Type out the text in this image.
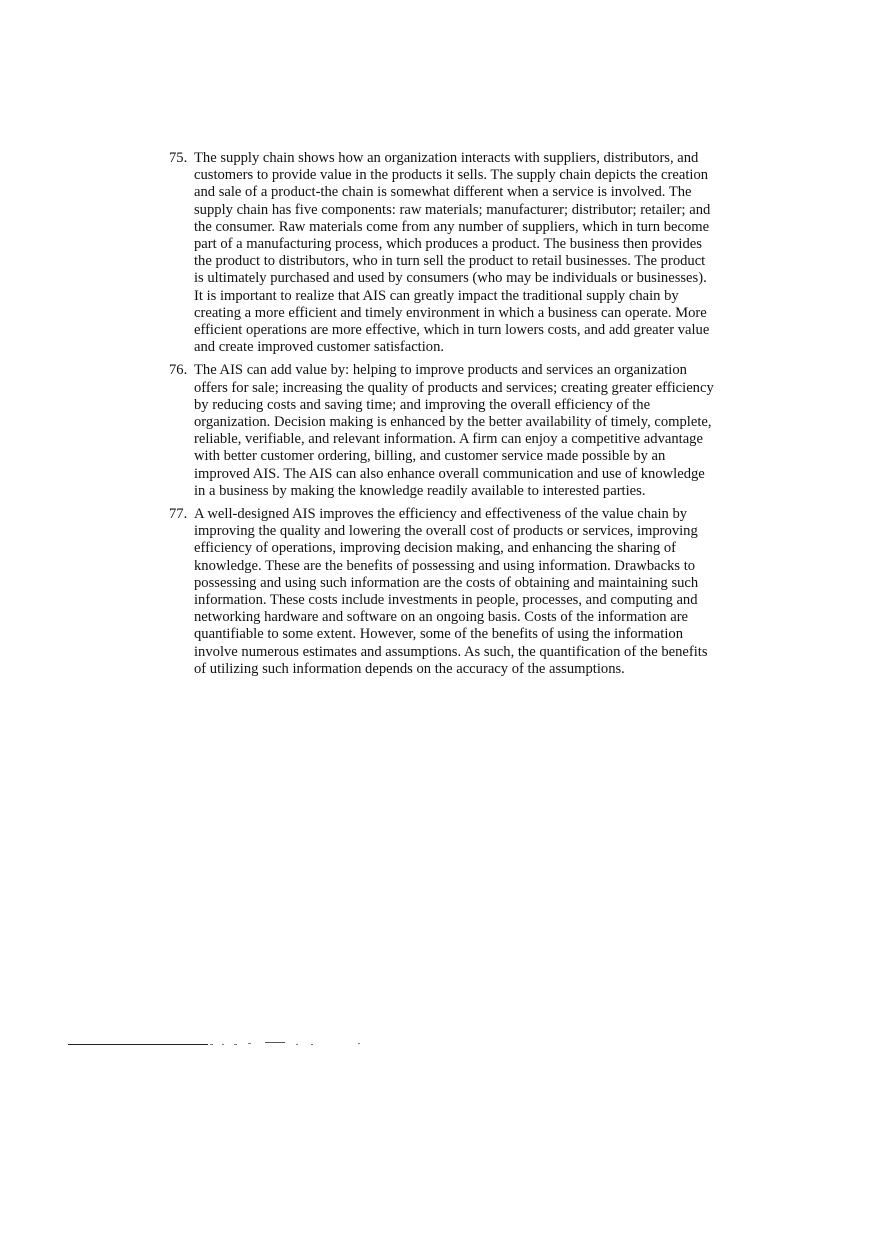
75. The supply chain shows how an organization interacts with suppliers, distributors, and customers to provide value in the products it sells. The supply chain depicts the creation and sale of a product-the chain is somewhat different when a service is involved. The supply chain has five components: raw materials; manufacturer; distributor; retailer; and the consumer. Raw materials come from any number of suppliers, which in turn become part of a manufacturing process, which produces a product. The business then provides the product to distributors, who in turn sell the product to retail businesses. The product is ultimately purchased and used by consumers (who may be individuals or businesses). It is important to realize that AIS can greatly impact the traditional supply chain by creating a more efficient and timely environment in which a business can operate. More efficient operations are more effective, which in turn lowers costs, and add greater value and create improved customer satisfaction.
76. The AIS can add value by: helping to improve products and services an organization offers for sale; increasing the quality of products and services; creating greater efficiency by reducing costs and saving time; and improving the overall efficiency of the organization. Decision making is enhanced by the better availability of timely, complete, reliable, verifiable, and relevant information. A firm can enjoy a competitive advantage with better customer ordering, billing, and customer service made possible by an improved AIS. The AIS can also enhance overall communication and use of knowledge in a business by making the knowledge readily available to interested parties.
77. A well-designed AIS improves the efficiency and effectiveness of the value chain by improving the quality and lowering the overall cost of products or services, improving efficiency of operations, improving decision making, and enhancing the sharing of knowledge. These are the benefits of possessing and using information. Drawbacks to possessing and using such information are the costs of obtaining and maintaining such information. These costs include investments in people, processes, and computing and networking hardware and software on an ongoing basis. Costs of the information are quantifiable to some extent. However, some of the benefits of using the information involve numerous estimates and assumptions. As such, the quantification of the benefits of utilizing such information depends on the accuracy of the assumptions.
